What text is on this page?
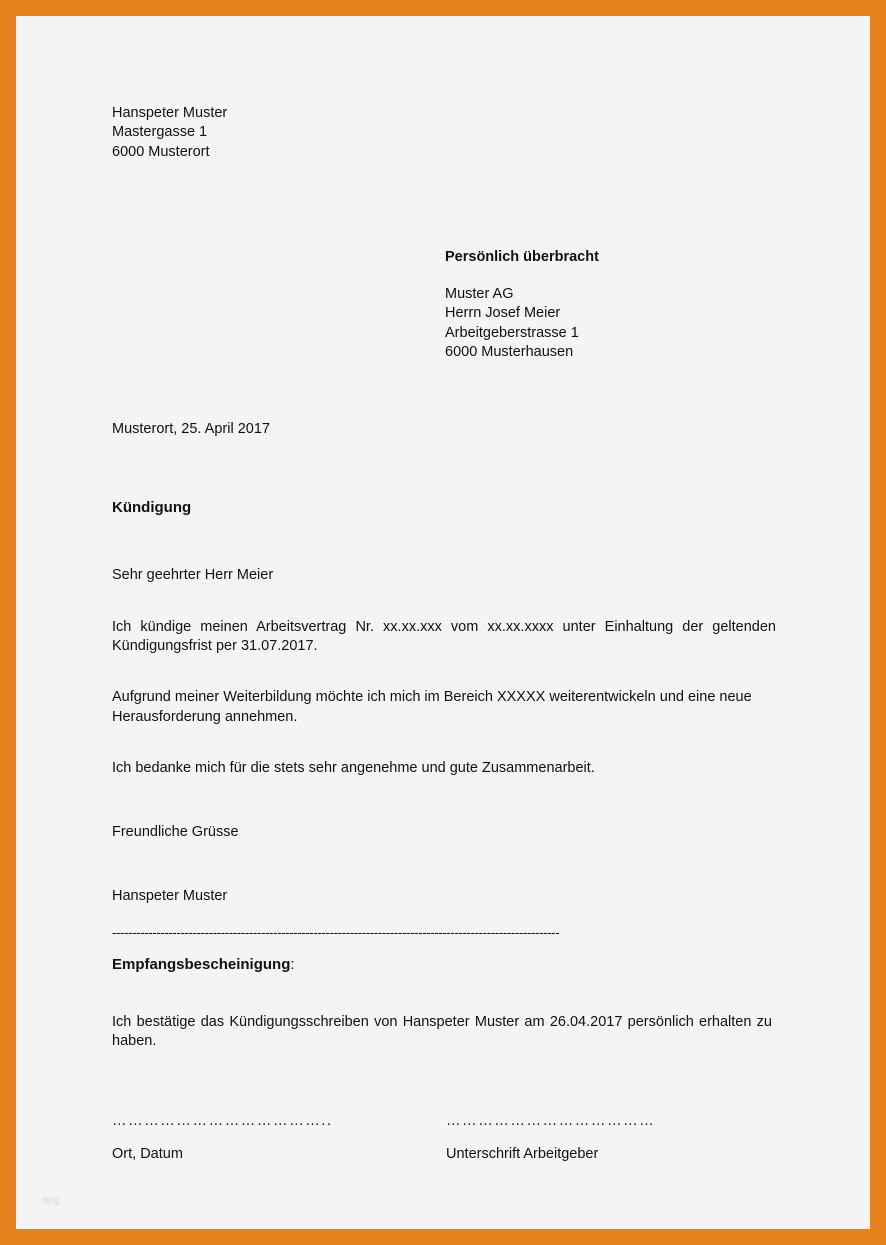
Hanspeter Muster
Mastergasse 1
6000 Musterort
Persönlich überbracht
Muster AG
Herrn Josef Meier
Arbeitgeberstrasse 1
6000 Musterhausen
Musterort, 25. April 2017
Kündigung
Sehr geehrter Herr Meier
Ich kündige meinen Arbeitsvertrag Nr. xx.xx.xxx vom xx.xx.xxxx unter Einhaltung der geltenden Kündigungsfrist per 31.07.2017.
Aufgrund meiner Weiterbildung möchte ich mich im Bereich XXXXX weiterentwickeln und eine neue Herausforderung annehmen.
Ich bedanke mich für die stets sehr angenehme und gute Zusammenarbeit.
Freundliche Grüsse
Hanspeter Muster
---------------------------------------------------------------------------------------------------------------
Empfangsbescheinigung:
Ich bestätige das Kündigungsschreiben von Hanspeter Muster am 26.04.2017 persönlich erhalten zu haben.
…………………………………..
Ort, Datum
…………………………………
Unterschrift Arbeitgeber
blog
